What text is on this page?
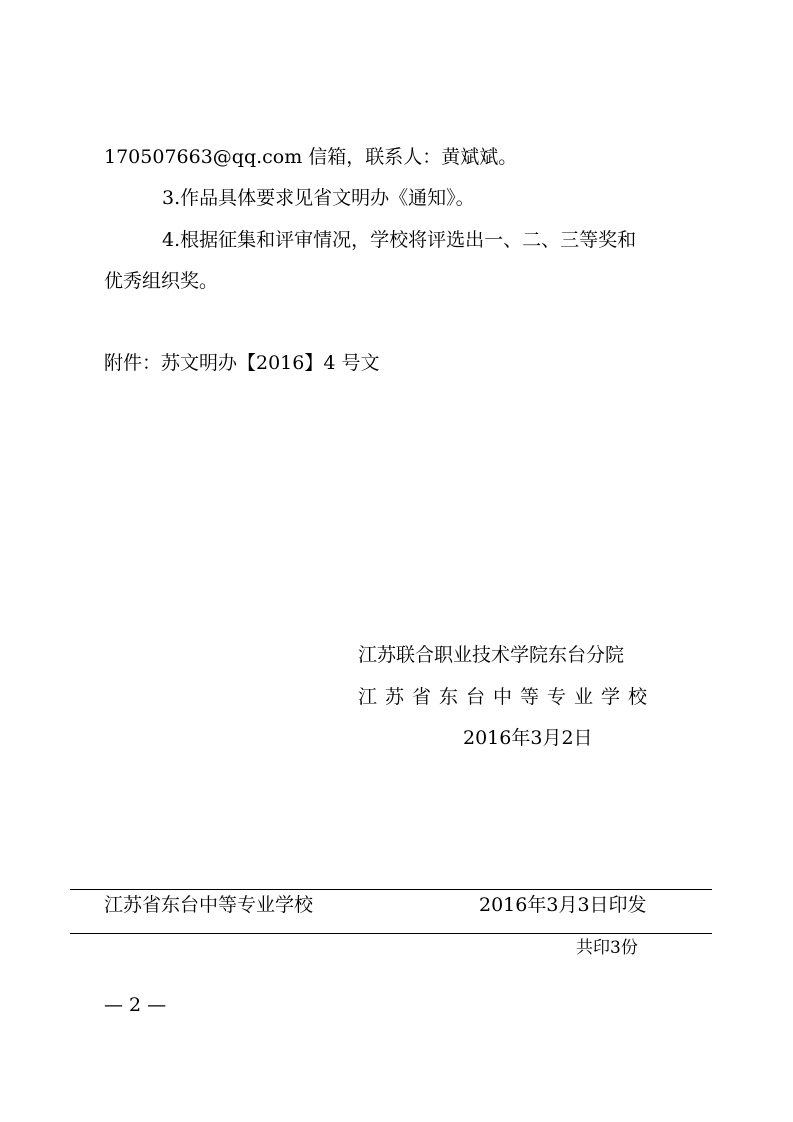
170507663@qq.com 信箱，联系人：黄斌斌。
3.作品具体要求见省文明办《通知》。
4.根据征集和评审情况，学校将评选出一、二、三等奖和
优秀组织奖。
附件：苏文明办【2016】4 号文
江苏联合职业技术学院东台分院
江苏省东台中等专业学校
2016年3月2日
江苏省东台中等专业学校	2016年3月3日印发
共印3份
— 2 —
